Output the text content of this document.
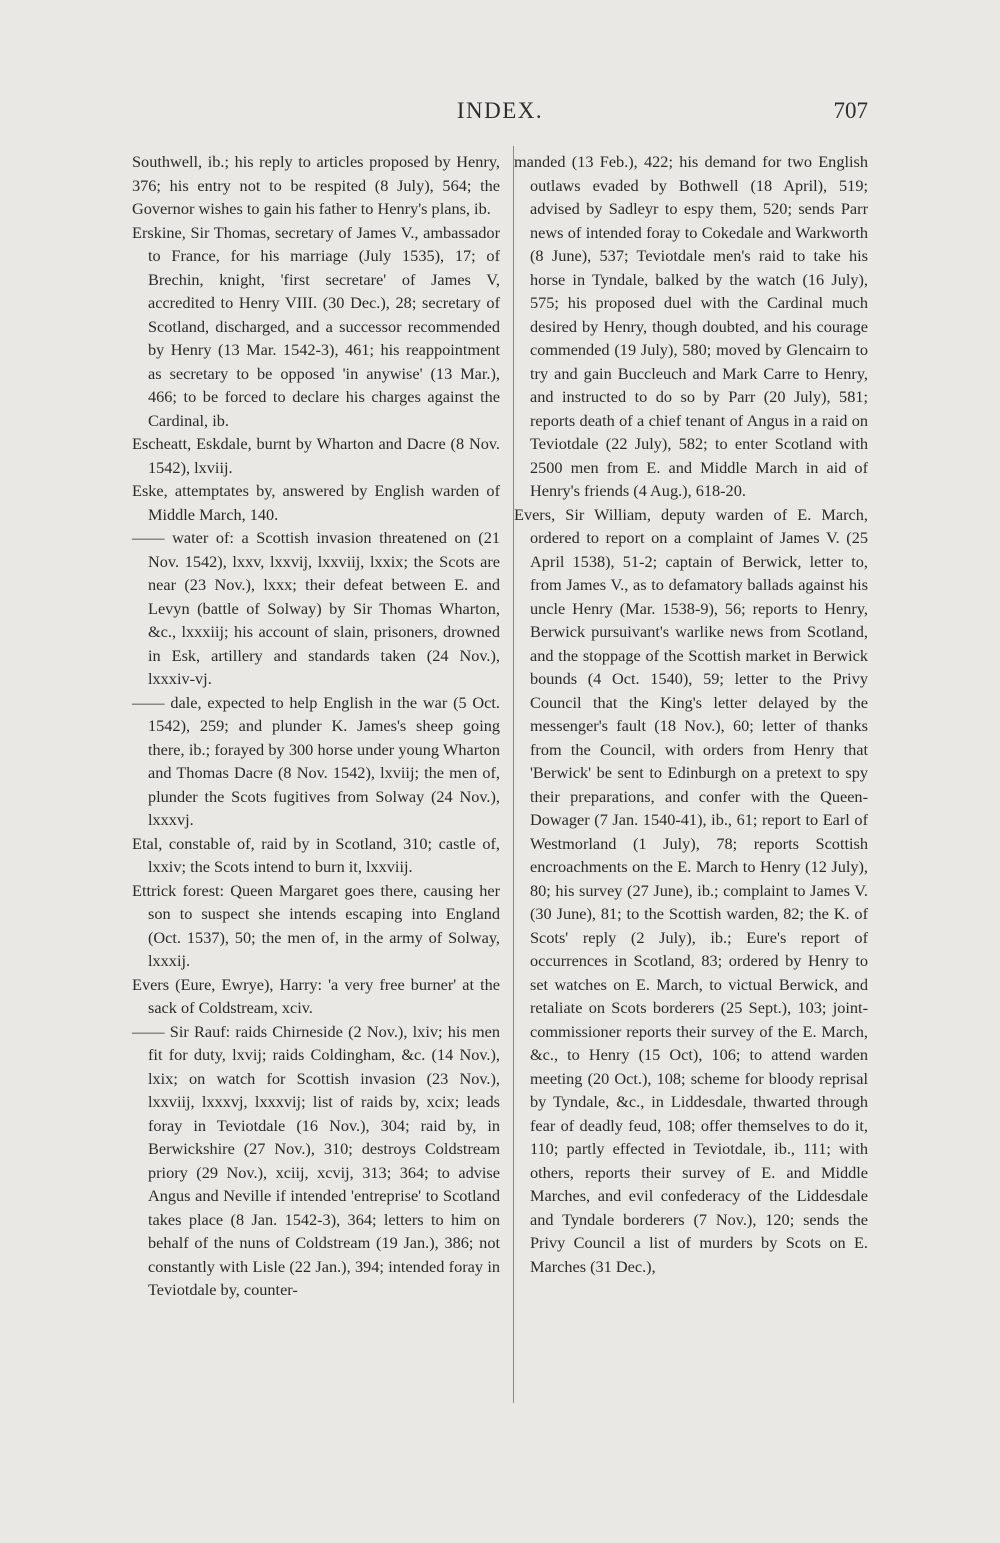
INDEX.	707

Southwell, ib.; his reply to articles proposed by Henry, 376; his entry not to be respited (8 July), 564; the Governor wishes to gain his father to Henry's plans, ib.

Erskine, Sir Thomas, secretary of James V., ambassador to France, for his marriage (July 1535), 17; of Brechin, knight, 'first secretare' of James V, accredited to Henry VIII. (30 Dec.), 28; secretary of Scotland, discharged, and a successor recommended by Henry (13 Mar. 1542-3), 461; his reappointment as secretary to be opposed 'in anywise' (13 Mar.), 466; to be forced to declare his charges against the Cardinal, ib.

Escheatt, Eskdale, burnt by Wharton and Dacre (8 Nov. 1542), lxviij.

Eske, attemptates by, answered by English warden of Middle March, 140.

—— water of: a Scottish invasion threatened on (21 Nov. 1542), lxxv, lxxvij, lxxviij, lxxix; the Scots are near (23 Nov.), lxxx; their defeat between E. and Levyn (battle of Solway) by Sir Thomas Wharton, &c., lxxxiij; his account of slain, prisoners, drowned in Esk, artillery and standards taken (24 Nov.), lxxxiv-vj.

—— dale, expected to help English in the war (5 Oct. 1542), 259; and plunder K. James's sheep going there, ib.; forayed by 300 horse under young Wharton and Thomas Dacre (8 Nov. 1542), lxviij; the men of, plunder the Scots fugitives from Solway (24 Nov.), lxxxvj.

Etal, constable of, raid by in Scotland, 310; castle of, lxxiv; the Scots intend to burn it, lxxviij.

Ettrick forest: Queen Margaret goes there, causing her son to suspect she intends escaping into England (Oct. 1537), 50; the men of, in the army of Solway, lxxxij.

Evers (Eure, Ewrye), Harry: 'a very free burner' at the sack of Coldstream, xciv.

—— Sir Rauf: raids Chirneside (2 Nov.), lxiv; his men fit for duty, lxvij; raids Coldingham, &c. (14 Nov.), lxix; on watch for Scottish invasion (23 Nov.), lxxviij, lxxxvj, lxxxvij; list of raids by, xcix; leads foray in Teviotdale (16 Nov.), 304; raid by, in Berwickshire (27 Nov.), 310; destroys Coldstream priory (29 Nov.), xciij, xcvij, 313; 364; to advise Angus and Neville if intended 'entreprise' to Scotland takes place (8 Jan. 1542-3), 364; letters to him on behalf of the nuns of Coldstream (19 Jan.), 386; not constantly with Lisle (22 Jan.), 394; intended foray in Teviotdale by, counter-

manded (13 Feb.), 422; his demand for two English outlaws evaded by Bothwell (18 April), 519; advised by Sadleyr to espy them, 520; sends Parr news of intended foray to Cokedale and Warkworth (8 June), 537; Teviotdale men's raid to take his horse in Tyndale, balked by the watch (16 July), 575; his proposed duel with the Cardinal much desired by Henry, though doubted, and his courage commended (19 July), 580; moved by Glencairn to try and gain Buccleuch and Mark Carre to Henry, and instructed to do so by Parr (20 July), 581; reports death of a chief tenant of Angus in a raid on Teviotdale (22 July), 582; to enter Scotland with 2500 men from E. and Middle March in aid of Henry's friends (4 Aug.), 618-20.

Evers, Sir William, deputy warden of E. March, ordered to report on a complaint of James V. (25 April 1538), 51-2; captain of Berwick, letter to, from James V., as to defamatory ballads against his uncle Henry (Mar. 1538-9), 56; reports to Henry, Berwick pursuivant's warlike news from Scotland, and the stoppage of the Scottish market in Berwick bounds (4 Oct. 1540), 59; letter to the Privy Council that the King's letter delayed by the messenger's fault (18 Nov.), 60; letter of thanks from the Council, with orders from Henry that 'Berwick' be sent to Edinburgh on a pretext to spy their preparations, and confer with the Queen-Dowager (7 Jan. 1540-41), ib., 61; report to Earl of Westmorland (1 July), 78; reports Scottish encroachments on the E. March to Henry (12 July), 80; his survey (27 June), ib.; complaint to James V. (30 June), 81; to the Scottish warden, 82; the K. of Scots' reply (2 July), ib.; Eure's report of occurrences in Scotland, 83; ordered by Henry to set watches on E. March, to victual Berwick, and retaliate on Scots borderers (25 Sept.), 103; joint-commissioner reports their survey of the E. March, &c., to Henry (15 Oct), 106; to attend warden meeting (20 Oct.), 108; scheme for bloody reprisal by Tyndale, &c., in Liddesdale, thwarted through fear of deadly feud, 108; offer themselves to do it, 110; partly effected in Teviotdale, ib., 111; with others, reports their survey of E. and Middle Marches, and evil confederacy of the Liddesdale and Tyndale borderers (7 Nov.), 120; sends the Privy Council a list of murders by Scots on E. Marches (31 Dec.),
